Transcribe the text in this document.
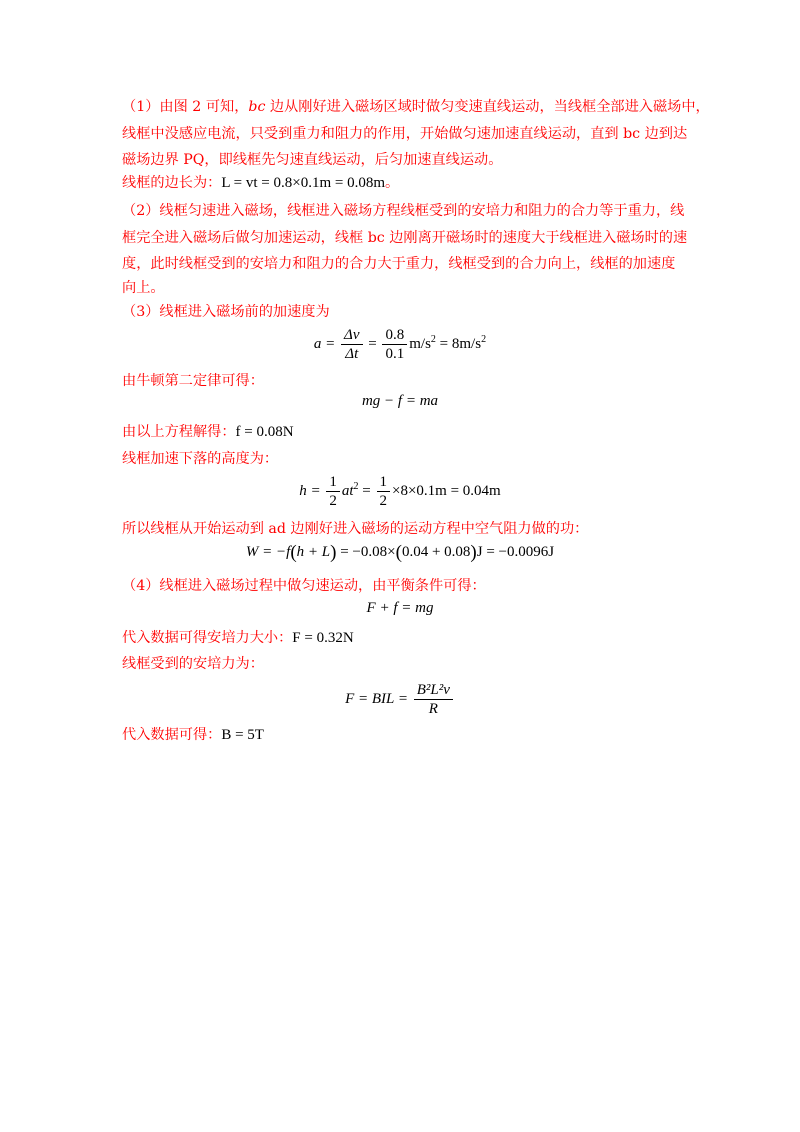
（1）由图 2 可知，bc 边从刚好进入磁场区域时做匀变速直线运动，当线框全部进入磁场中，
线框中没感应电流，只受到重力和阻力的作用，开始做匀速加速直线运动，直到 bc 边到达
磁场边界 PQ，即线框先匀速直线运动，后匀加速直线运动。
线框的边长为：L = vt = 0.8×0.1m = 0.08m。
（2）线框匀速进入磁场，线框进入磁场方程线框受到的安培力和阻力的合力等于重力，线
框完全进入磁场后做匀加速运动，线框 bc 边刚离开磁场时的速度大于线框进入磁场时的速
度，此时线框受到的安培力和阻力的合力大于重力，线框受到的合力向上，线框的加速度
向上。
（3）线框进入磁场前的加速度为
$a = \frac{\Delta v}{\Delta t} = \frac{0.8}{0.1} m/s^2 = 8m/s^2$
由牛顿第二定律可得：
mg − f = ma
由以上方程解得：f = 0.08N
线框加速下落的高度为：
$h = \frac{1}{2} at^2 = \frac{1}{2} \times 8\times 0.1m = 0.04m$
所以线框从开始运动到 ad 边刚好进入磁场的运动方程中空气阻力做的功：
W = −f(h + L) = −0.08×(0.04 + 0.08)J = −0.0096J
（4）线框进入磁场过程中做匀速运动，由平衡条件可得：
F + f = mg
代入数据可得安培力大小：F = 0.32N
线框受到的安培力为：
F = BIL = $\frac{\text{B²L²v}}{R}$
代入数据可得：B = 5T
